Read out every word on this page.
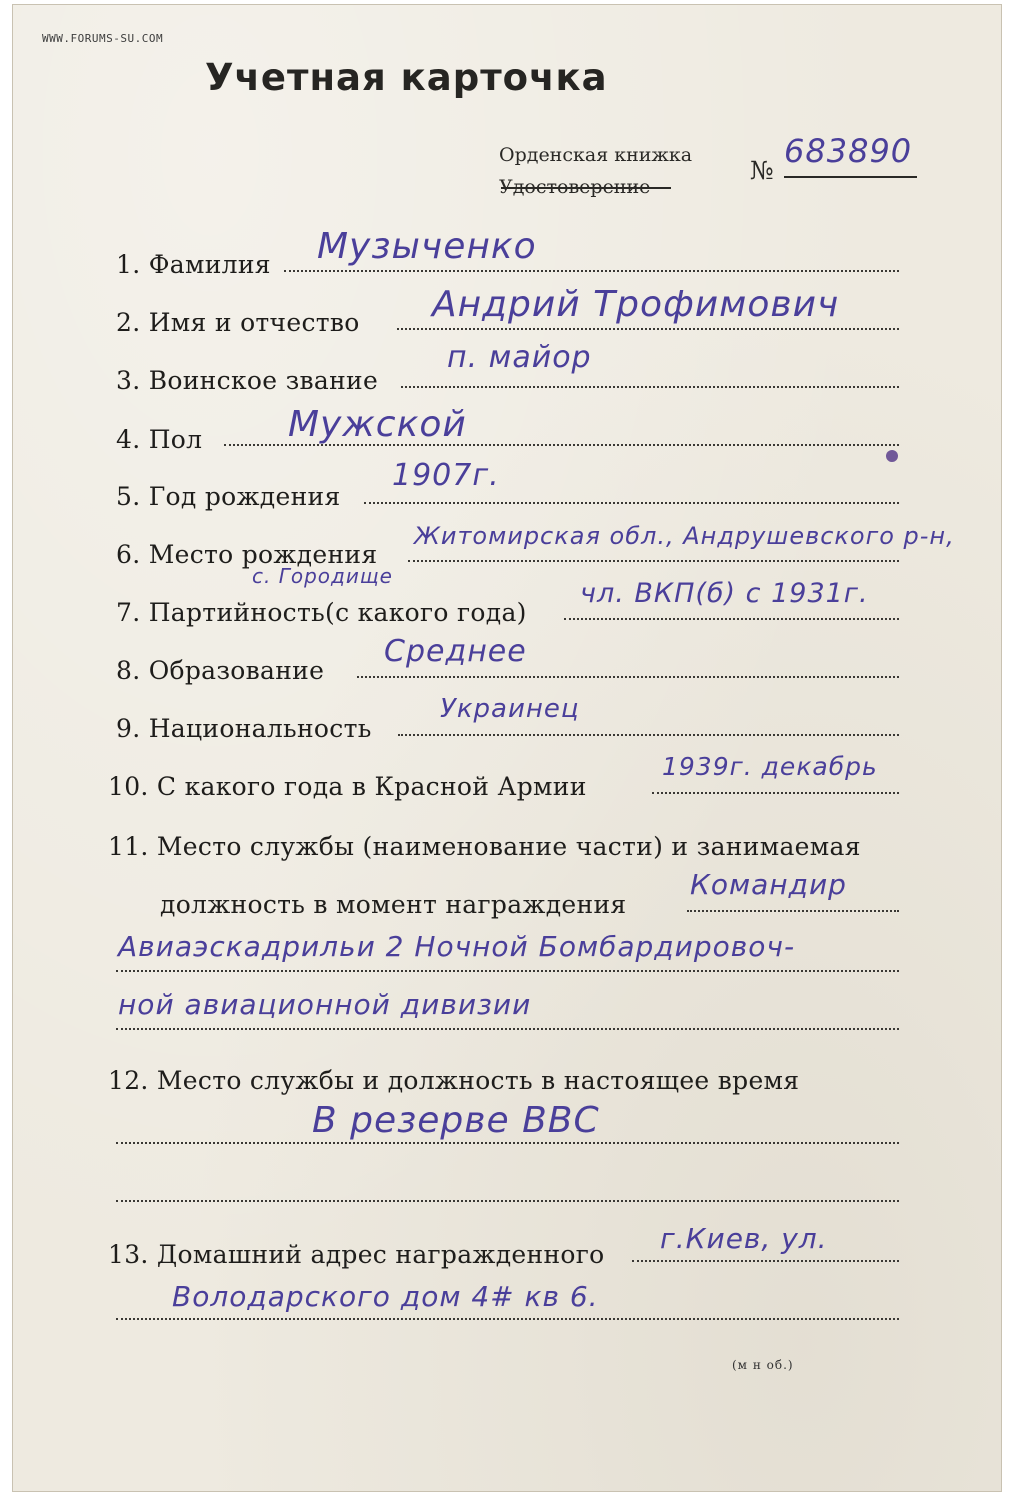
WWW.FORUMS-SU.COM
Учетная карточка
Орденская книжка
Удостоверение
№
683890
1. Фамилия Музыченко
2. Имя и отчество Андрий Трофимович
3. Воинское звание
п. майор
4. Пол Мужской
5. Год рождения
1907г.
6. Место рождения
Житомирская обл., Андрушевского р-н,
с. Городище
7. Партийность(с какого года)
чл. ВКП(б) с 1931г.
8. Образование
Среднее
9. Национальность
Украинец
10. С какого года в Красной Армии
1939г. декабрь
11. Место службы (наименование части) и занимаемая
должность в момент награждения
Командир
Авиаэскадрильи 2 Ночной Бомбардировоч-
ной авиационной дивизии
12. Место службы и должность в настоящее время
В резерве ВВС
13. Домашний адрес награжденного г.Киев, ул.
Володарского дом 4# кв 6.
(м н об.)
